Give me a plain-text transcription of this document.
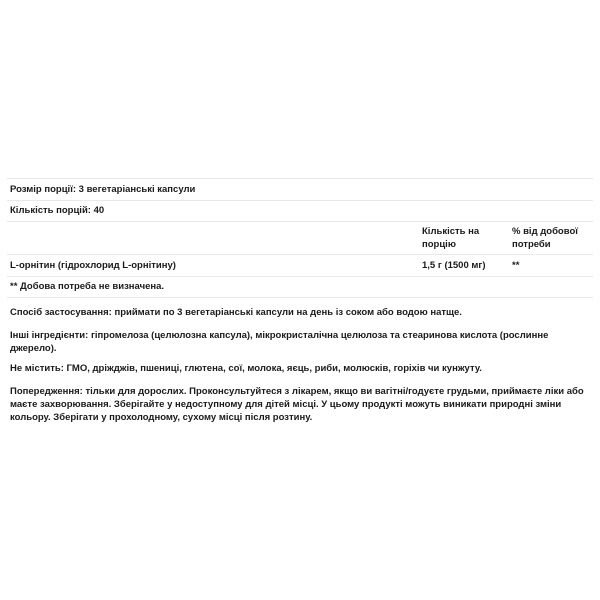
Розмір порції: 3 вегетаріанські капсули
Кількість порцій: 40
Кількість на порцію
% від добової потреби
L-орнітин (гідрохлорид L-орнітину)	1,5 г (1500 мг)	**
** Добова потреба не визначена.
Спосіб застосування: приймати по 3 вегетаріанські капсули на день із соком або водою натще.
Інші інгредієнти: гіпромелоза (целюлозна капсула), мікрокристалічна целюлоза та стеаринова кислота (рослинне джерело).
Не містить: ГМО, дріжджів, пшениці, глютена, сої, молока, яєць, риби, молюсків, горіхів чи кунжуту.
Попередження: тільки для дорослих. Проконсультуйтеся з лікарем, якщо ви вагітні/годуєте грудьми, приймаєте ліки або маєте захворювання. Зберігайте у недоступному для дітей місці. У цьому продукті можуть виникати природні зміни кольору. Зберігати у прохолодному, сухому місці після розтину.
